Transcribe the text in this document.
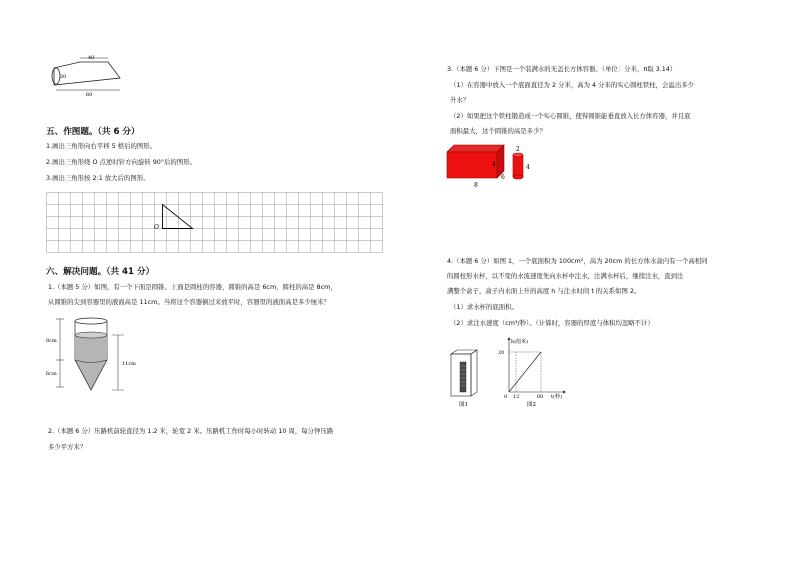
40
20
60
五、作图题。（共 6 分）
1.画出三角形向右平移 5 格后的图形。
2.画出三角形绕 O 点逆时针方向旋转 90°后的图形。
3.画出三角形按 2:1 放大后的图形。
O
六、解决问题。（共 41 分）
1.（本题 5 分）如图，有一个下面是圆锥、上面是圆柱的容器，圆锥的高是 6cm，圆柱的高是 8cm，
从圆锥的尖到容器里的液面高是 11cm。当将这个容器倒过来放平时，容器里的液面高是多少厘米？
8cm
6cm
11cm
2.（本题 6 分）压路机前轮直径为 1.2 米，轮宽 2 米。压路机工作时每小时转动 10 周，每分钟压路
多少平方米？
3.（本题 6 分）下图是一个装满水的无盖长方体容器。（单位：分米，π取 3.14）
（1）在容器中放入一个底面直径为 2 分米，高为 4 分米的实心圆柱铁柱，会溢出多少
升水？
（2）如果把这个铁柱锻造成一个实心圆锥，使得圆锥能垂直放入长方体容器，并且底
面积最大，这个圆锥的高是多少？
4
6
8
2
4
4.（本题 6 分）如图 1，一个底面积为 100cm²，高为 20cm 的长方体水盒内有一个高相同
的圆柱形水杯，以不变的水流速度先向水杯中注水，注满水杯后，继续注水，直到注
满整个盒子，盒子内水面上升的高度 h 与注水时间 t 的关系如图 2。
（1）求水杯的底面积。
（2）求注水速度（cm³/秒）。（计算时，容器的厚度与体积均忽略不计）
图1
h(厘米)
20
0 12	60 t(秒)
图2
